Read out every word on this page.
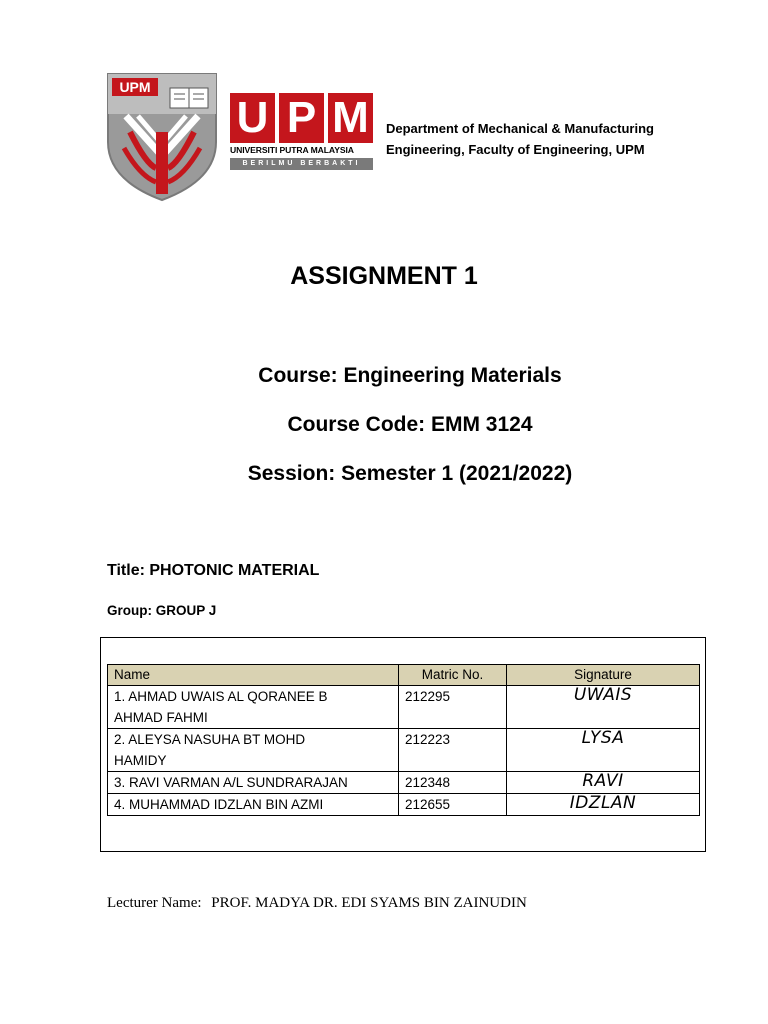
UPM
U P M
UNIVERSITI PUTRA MALAYSIA
BERILMU BERBAKTI
Department of Mechanical & Manufacturing
Engineering, Faculty of Engineering, UPM
ASSIGNMENT 1
Course: Engineering Materials
Course Code: EMM 3124
Session: Semester 1 (2021/2022)
Title: PHOTONIC MATERIAL
Group: GROUP J
Name	Matric No.	Signature

1. AHMAD UWAIS AL QORANEE B
AHMAD FAHMI	212295	UWAIS

2. ALEYSA NASUHA BT MOHD
HAMIDY	212223	LYSA
3. RAVI VARMAN A/L SUNDRARAJAN	212348	RAVI
4. MUHAMMAD IDZLAN BIN AZMI	212655	IDZLAN
Lecturer Name: PROF. MADYA DR. EDI SYAMS BIN ZAINUDIN
